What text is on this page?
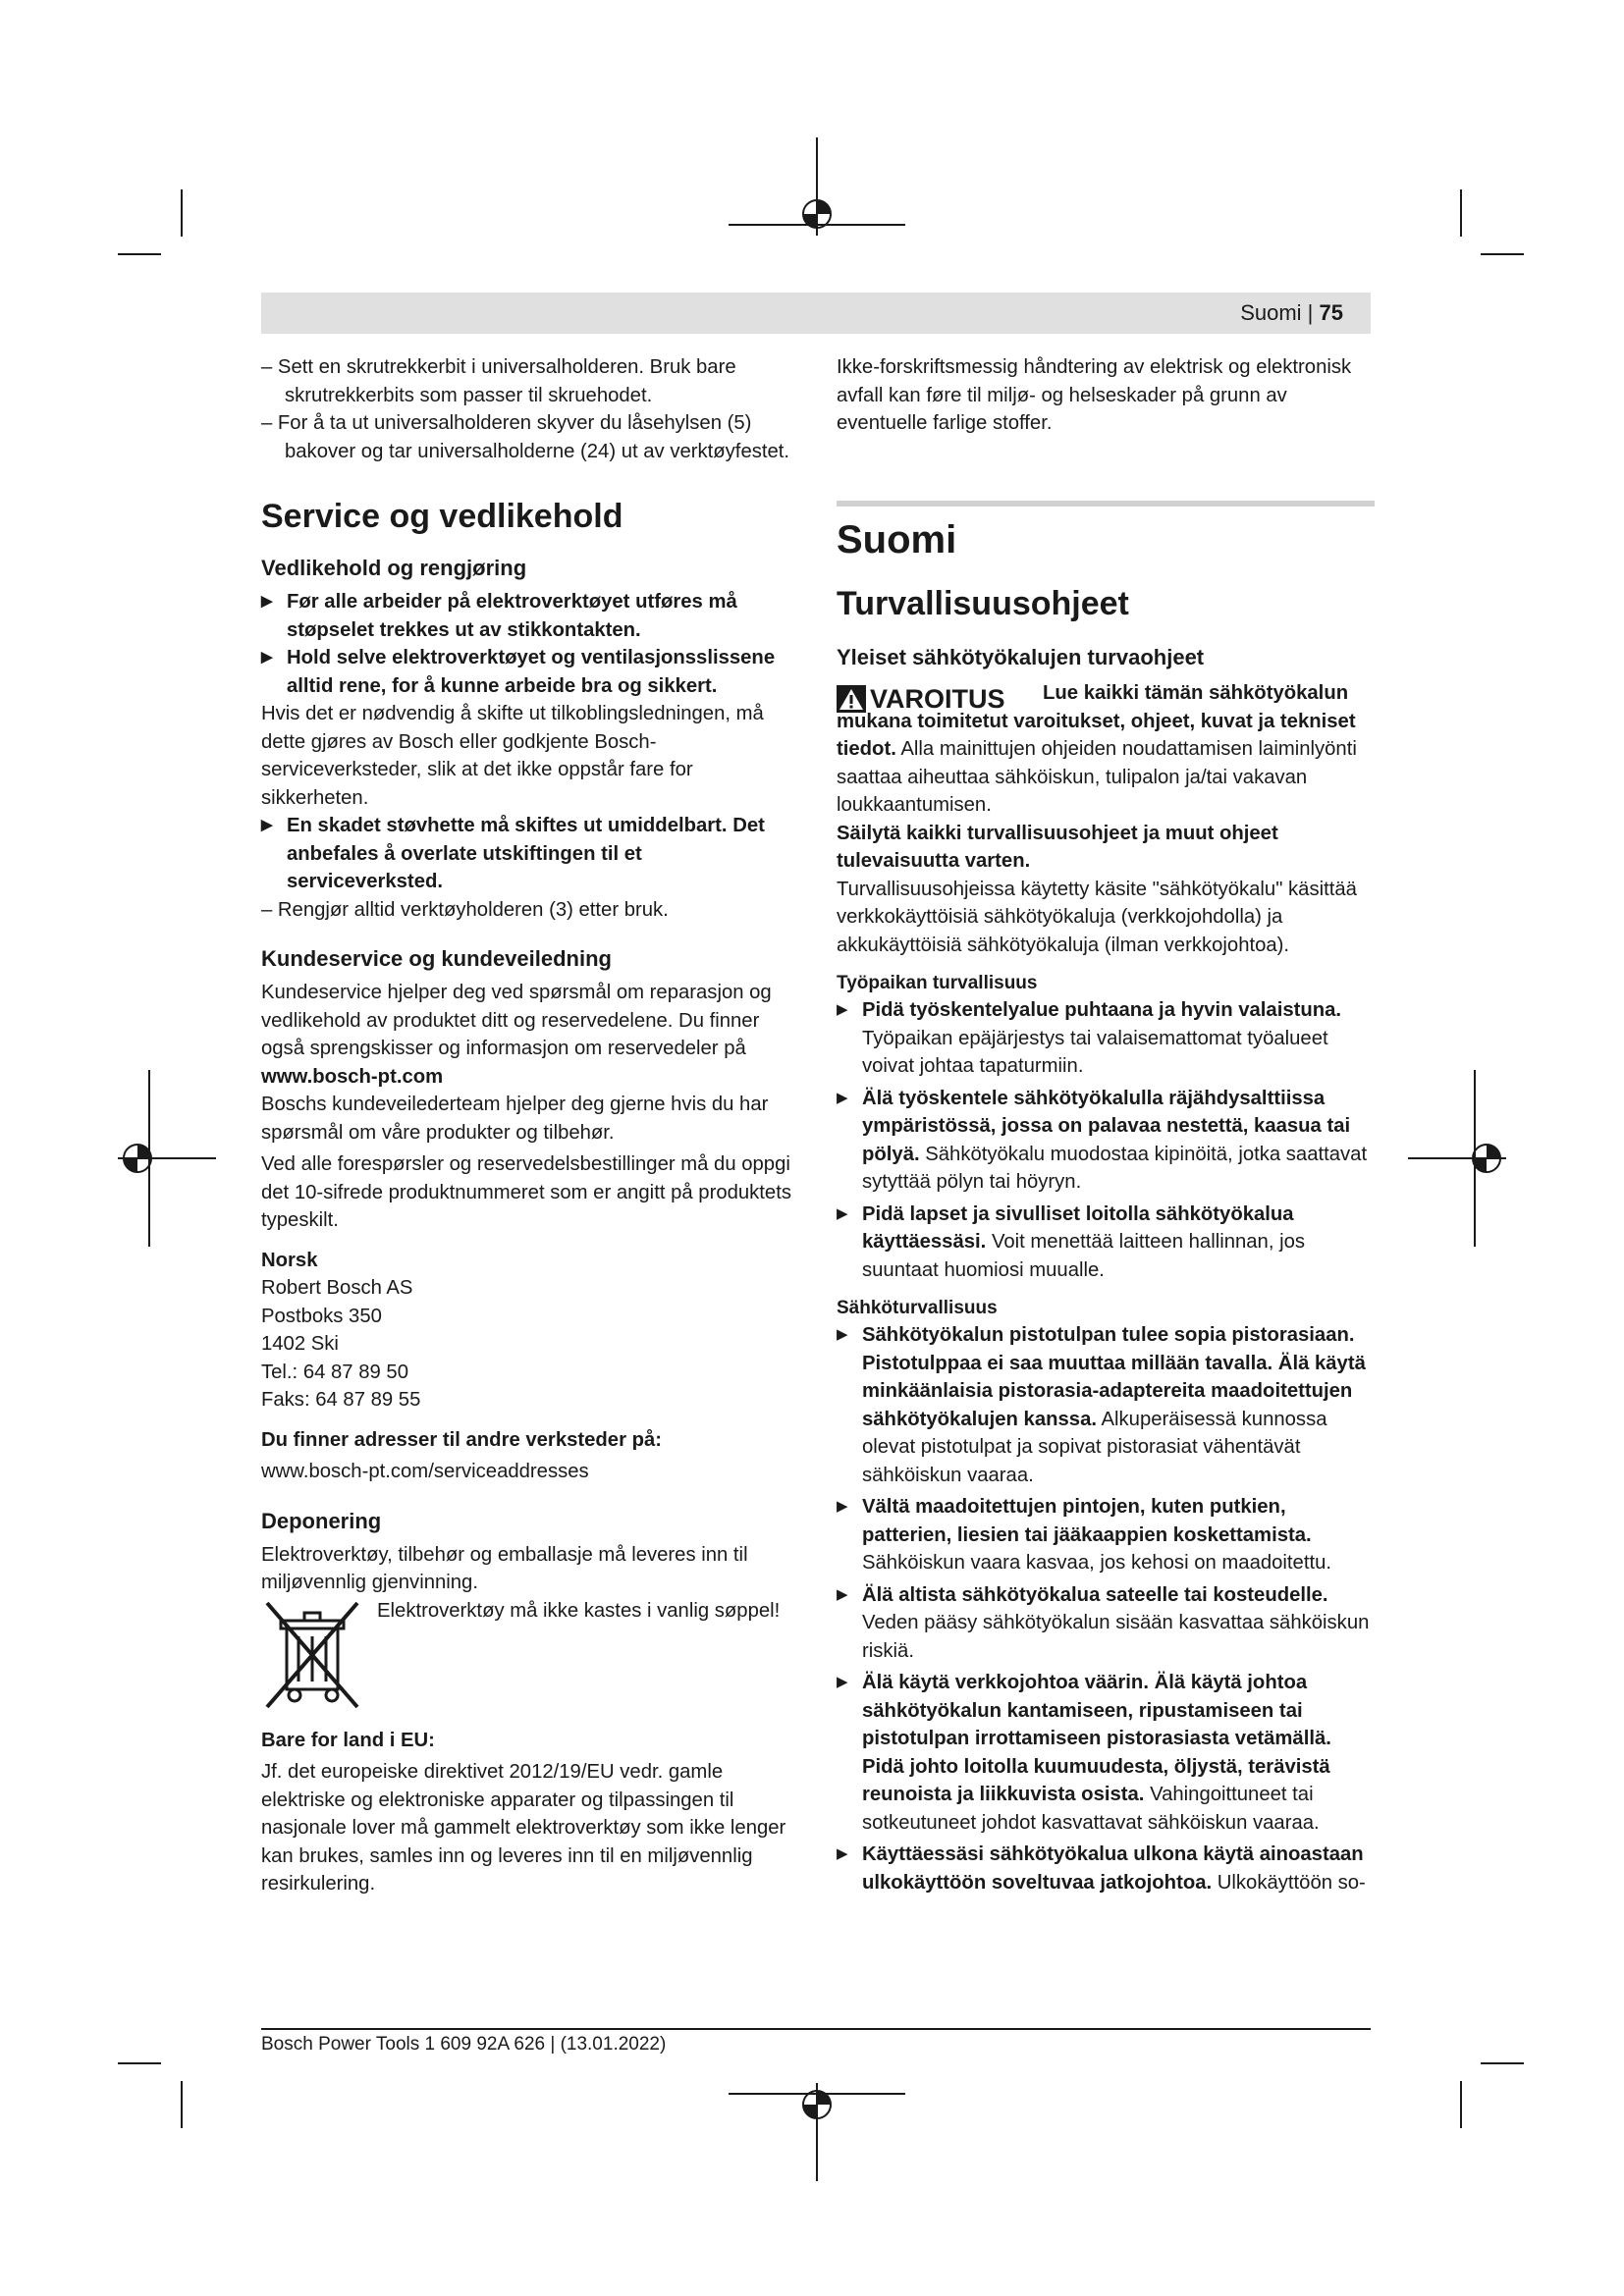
Suomi | 75

– Sett en skrutrekkerbit i universalholderen. Bruk bare skrutrekkerbits som passer til skruehodet.

– For å ta ut universalholderen skyver du låsehylsen (5) bakover og tar universalholderne (24) ut av verktøyfestet.

Service og vedlikehold
Vedlikehold og rengjøring
▶ Før alle arbeider på elektroverktøyet utføres må støpselet trekkes ut av stikkontakten.
▶ Hold selve elektroverktøyet og ventilasjonsslissene alltid rene, for å kunne arbeide bra og sikkert.

Hvis det er nødvendig å skifte ut tilkoblingsledningen, må dette gjøres av Bosch eller godkjente Bosch-serviceverksteder, slik at det ikke oppstår fare for sikkerheten.

▶ En skadet støvhette må skiftes ut umiddelbart. Det anbefales å overlate utskiftingen til et serviceverksted.

– Rengjør alltid verktøyholderen (3) etter bruk.

Kundeservice og kundeveiledning

Kundeservice hjelper deg ved spørsmål om reparasjon og vedlikehold av produktet ditt og reservedelene. Du finner også sprengskisser og informasjon om reservedeler på

www.bosch-pt.com

Boschs kundeveilederteam hjelper deg gjerne hvis du har spørsmål om våre produkter og tilbehør.

Ved alle forespørsler og reservedelsbestillinger må du oppgi det 10-sifrede produktnummeret som er angitt på produktets typeskilt.

Norsk

Robert Bosch AS

Postboks 350

1402 Ski

Tel.: 64 87 89 50

Faks: 64 87 89 55

Du finner adresser til andre verksteder på:

www.bosch-pt.com/serviceaddresses

Deponering

Elektroverktøy, tilbehør og emballasje må leveres inn til miljøvennlig gjenvinning.

Elektroverktøy må ikke kastes i vanlig søppel!

Bare for land i EU:

Jf. det europeiske direktivet 2012/19/EU vedr. gamle elektriske og elektroniske apparater og tilpassingen til nasjonale lover må gammelt elektroverktøy som ikke lenger kan brukes, samles inn og leveres inn til en miljøvennlig resirkulering.

Ikke-forskriftsmessig håndtering av elektrisk og elektronisk avfall kan føre til miljø- og helseskader på grunn av eventuelle farlige stoffer.

Suomi
Turvallisuusohjeet
Yleiset sähkötyökalujen turvaohjeet
VAROITUS	Lue kaikki tämän sähkötyökalun mukana toimitetut varoitukset, ohjeet, kuvat ja tekniset tiedot. Alla mainittujen ohjeiden noudattamisen laiminlyönti saattaa aiheuttaa sähköiskun, tulipalon ja/tai vakavan loukkaantumisen.

Säilytä kaikki turvallisuusohjeet ja muut ohjeet tulevaisuutta varten.

Turvallisuusohjeissa käytetty käsite "sähkötyökalu" käsittää verkkokäyttöisiä sähkötyökaluja (verkkojohdolla) ja akkukäyttöisiä sähkötyökaluja (ilman verkkojohtoa).

Työpaikan turvallisuus

▶ Pidä työskentelyalue puhtaana ja hyvin valaistuna. Työpaikan epäjärjestys tai valaisemattomat työalueet voivat johtaa tapaturmiin.
▶ Älä työskentele sähkötyökalulla räjähdysalttiissa ympäristössä, jossa on palavaa nestettä, kaasua tai pölyä. Sähkötyökalu muodostaa kipinöitä, jotka saattavat sytyttää pölyn tai höyryn.
▶ Pidä lapset ja sivulliset loitolla sähkötyökalua käyttäessäsi. Voit menettää laitteen hallinnan, jos suuntaat huomiosi muualle.

Sähköturvallisuus

▶ Sähkötyökalun pistotulpan tulee sopia pistorasiaan. Pistotulppaa ei saa muuttaa millään tavalla. Älä käytä minkäänlaisia pistorasia-adaptereita maadoitettujen sähkötyökalujen kanssa. Alkuperäisessä kunnossa olevat pistotulpat ja sopivat pistorasiat vähentävät sähköiskun vaaraa.
▶ Vältä maadoitettujen pintojen, kuten putkien, patterien, liesien tai jääkaappien koskettamista. Sähköiskun vaara kasvaa, jos kehosi on maadoitettu.
▶ Älä altista sähkötyökalua sateelle tai kosteudelle. Veden pääsy sähkötyökalun sisään kasvattaa sähköiskun riskiä.
▶ Älä käytä verkkojohtoa väärin. Älä käytä johtoa sähkötyökalun kantamiseen, ripustamiseen tai pistotulpan irrottamiseen pistorasiasta vetämällä. Pidä johto loitolla kuumuudesta, öljystä, terävistä reunoista ja liikkuvista osista. Vahingoittuneet tai sotkeutuneet johdot kasvattavat sähköiskun vaaraa.
▶ Käyttäessäsi sähkötyökalua ulkona käytä ainoastaan ulkokäyttöön soveltuvaa jatkojohtoa. Ulkokäyttöön so-
Bosch Power Tools 1 609 92A 626 | (13.01.2022)
